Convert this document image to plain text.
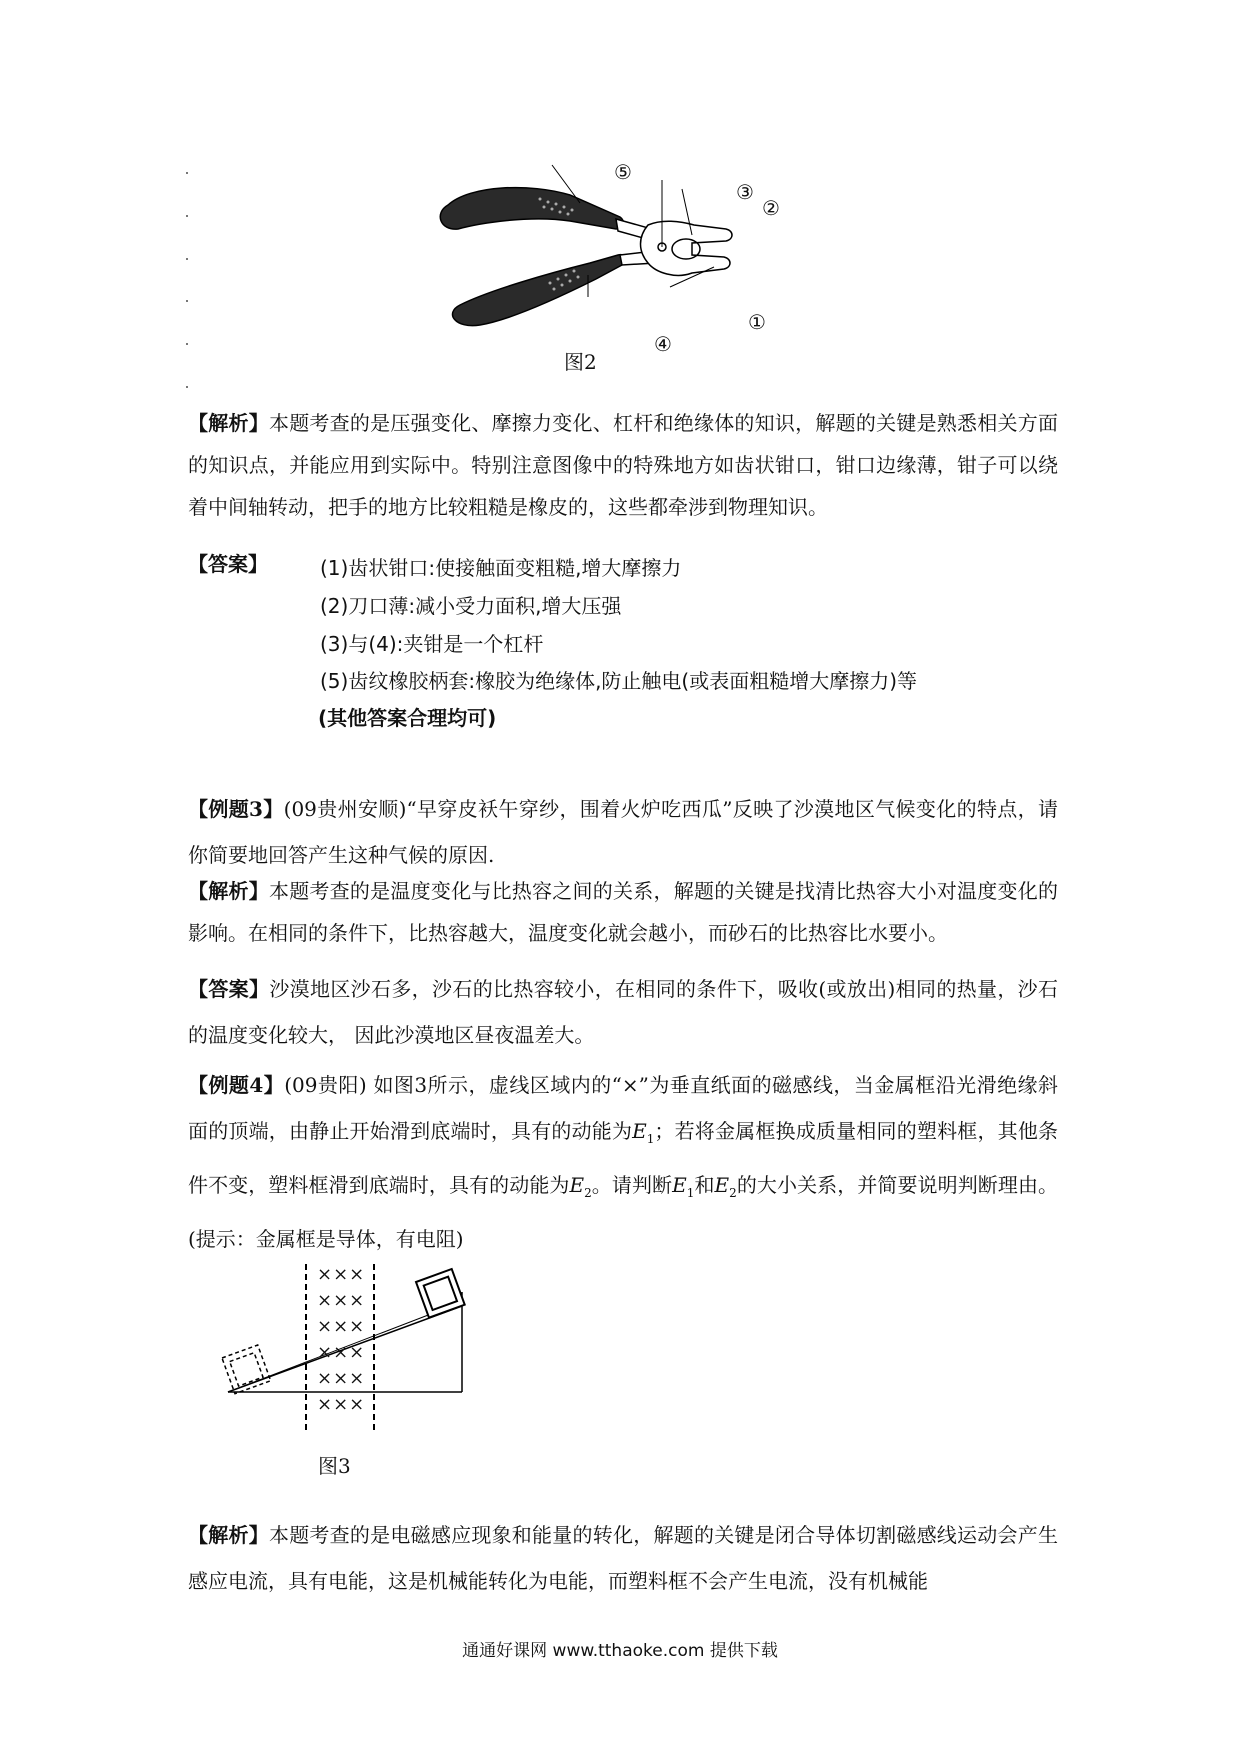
⑤
③
②
①
④
图2
【解析】本题考查的是压强变化、摩擦力变化、杠杆和绝缘体的知识，解题的关键是熟悉相关方面的知识点，并能应用到实际中。特别注意图像中的特殊地方如齿状钳口，钳口边缘薄，钳子可以绕着中间轴转动，把手的地方比较粗糙是橡皮的，这些都牵涉到物理知识。
【答案】	(1)齿状钳口:使接触面变粗糙,增大摩擦力
(2)刀口薄:减小受力面积,增大压强
(3)与(4):夹钳是一个杠杆
(5)齿纹橡胶柄套:橡胶为绝缘体,防止触电(或表面粗糙增大摩擦力)等
(其他答案合理均可)
【例题3】(09贵州安顺)“早穿皮袄午穿纱，围着火炉吃西瓜”反映了沙漠地区气候变化的特点，请你简要地回答产生这种气候的原因.
【解析】本题考查的是温度变化与比热容之间的关系，解题的关键是找清比热容大小对温度变化的影响。在相同的条件下，比热容越大，温度变化就会越小，而砂石的比热容比水要小。
【答案】沙漠地区沙石多，沙石的比热容较小，在相同的条件下，吸收(或放出)相同的热量，沙石的温度变化较大， 因此沙漠地区昼夜温差大。
【例题4】(09贵阳) 如图3所示，虚线区域内的“×”为垂直纸面的磁感线，当金属框沿光滑绝缘斜面的顶端，由静止开始滑到底端时，具有的动能为$E_1$；若将金属框换成质量相同的塑料框，其他条件不变，塑料框滑到底端时，具有的动能为$E_2$。请判断$E_1$和$E_2$的大小关系，并简要说明判断理由。(提示：金属框是导体，有电阻)
×××
×××
×××
×××
×××
×××
图3
【解析】本题考查的是电磁感应现象和能量的转化，解题的关键是闭合导体切割磁感线运动会产生感应电流，具有电能，这是机械能转化为电能，而塑料框不会产生电流，没有机械能
通通好课网 www.tthaoke.com 提供下载
